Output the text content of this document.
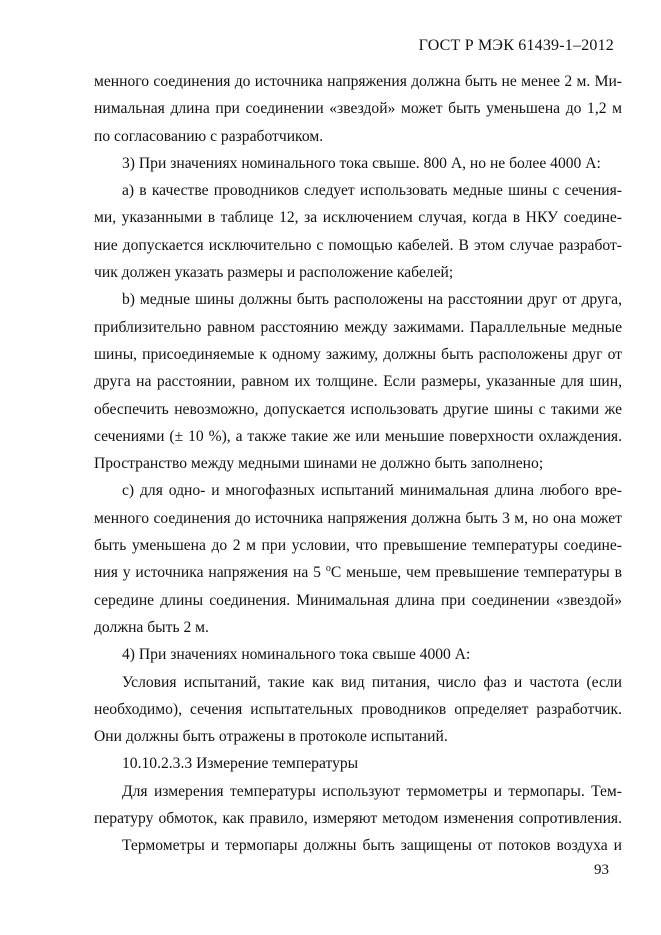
ГОСТ Р МЭК 61439-1–2012
менного соединения до источника напряжения должна быть не менее 2 м. Ми-
нимальная длина при соединении «звездой» может быть уменьшена до 1,2 м
по согласованию с разработчиком.
3) При значениях номинального тока свыше. 800 А, но не более 4000 А:
a) в качестве проводников следует использовать медные шины с сечения-
ми, указанными в таблице 12, за исключением случая, когда в НКУ соедине-
ние допускается исключительно с помощью кабелей. В этом случае разработ-
чик должен указать размеры и расположение кабелей;
b) медные шины должны быть расположены на расстоянии друг от друга,
приблизительно равном расстоянию между зажимами. Параллельные медные
шины, присоединяемые к одному зажиму, должны быть расположены друг от
друга на расстоянии, равном их толщине. Если размеры, указанные для шин,
обеспечить невозможно, допускается использовать другие шины с такими же
сечениями (± 10 %), а также такие же или меньшие поверхности охлаждения.
Пространство между медными шинами не должно быть заполнено;
c) для одно- и многофазных испытаний минимальная длина любого вре-
менного соединения до источника напряжения должна быть 3 м, но она может
быть уменьшена до 2 м при условии, что превышение температуры соедине-
ния у источника напряжения на 5 $^о$С меньше, чем превышение температуры в
середине длины соединения. Минимальная длина при соединении «звездой»
должна быть 2 м.
4) При значениях номинального тока свыше 4000 А:
Условия испытаний, такие как вид питания, число фаз и частота (если
необходимо), сечения испытательных проводников определяет разработчик.
Они должны быть отражены в протоколе испытаний.
10.10.2.3.3 Измерение температуры
Для измерения температуры используют термометры и термопары. Тем-
пературу обмоток, как правило, измеряют методом изменения сопротивления.
Термометры и термопары должны быть защищены от потоков воздуха и
93
